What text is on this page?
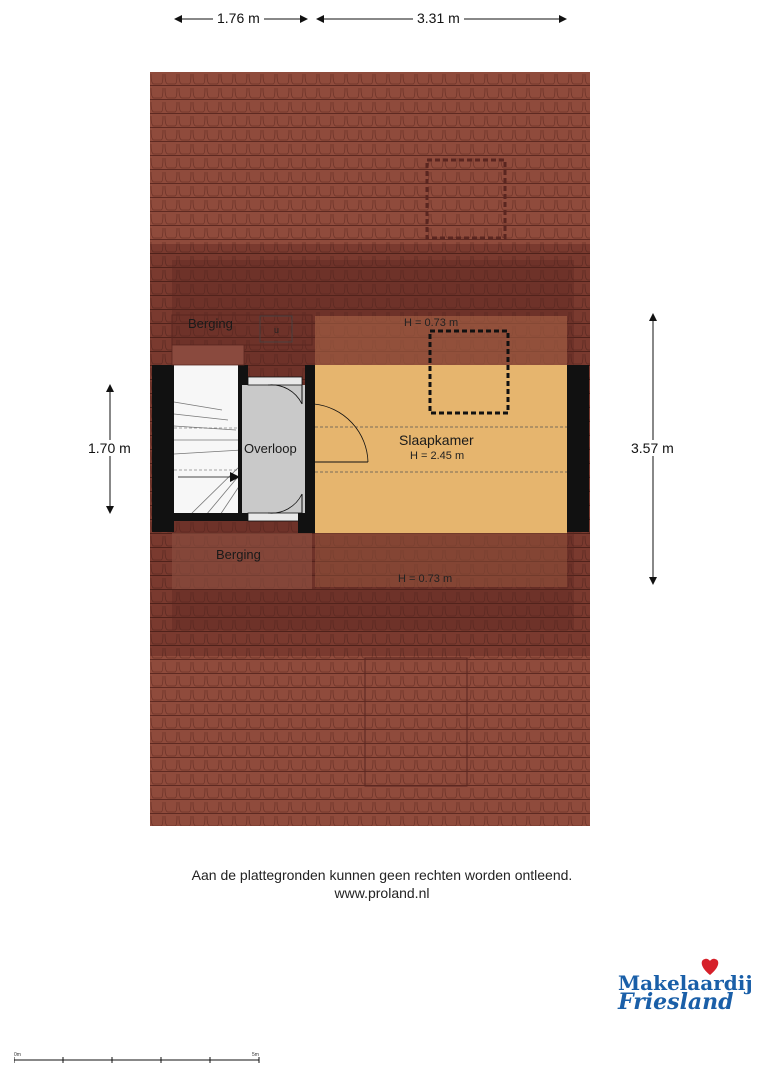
1.76 m	3.31 m
1.70 m	3.57 m
u
Berging	H = 0.73 m
Overloop
Slaapkamer
H = 2.45 m
Berging
H = 0.73 m
Aan de plattegronden kunnen geen rechten worden ontleend.
www.proland.nl
Makelaardij
Friesland
0m	5m
